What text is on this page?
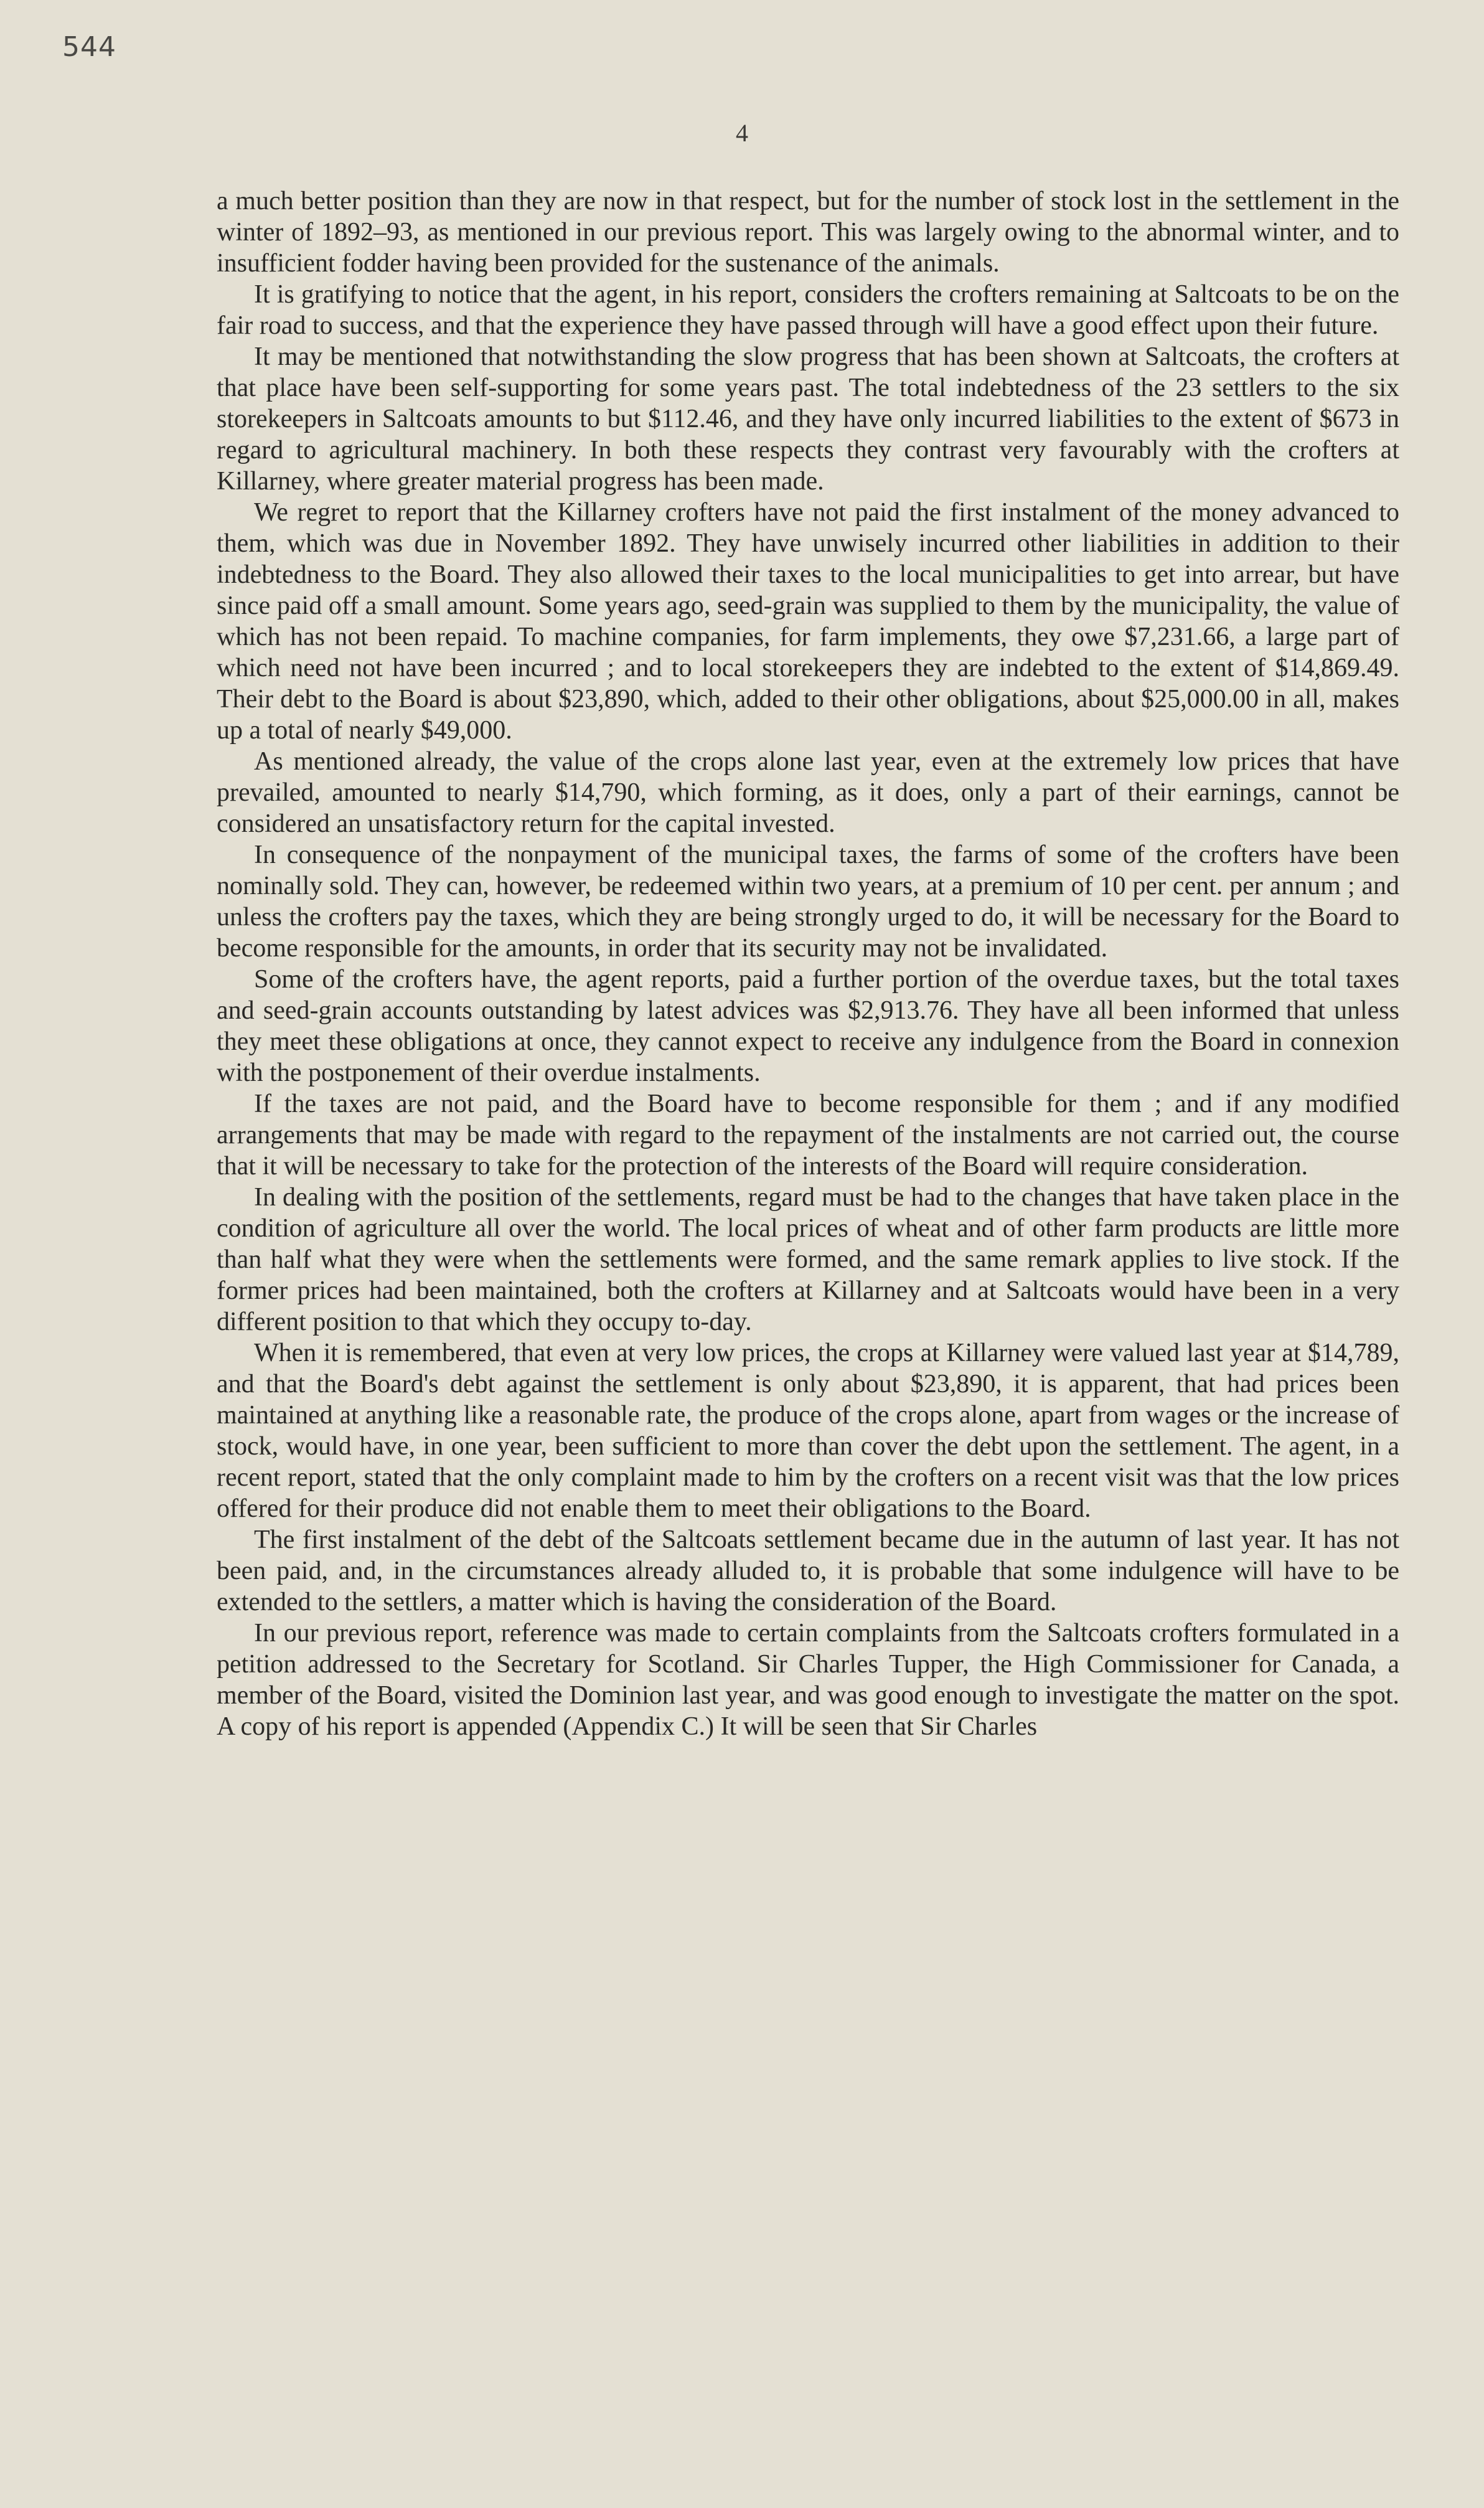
544
4

a much better position than they are now in that respect, but for the number of stock lost in the settlement in the winter of 1892–93, as mentioned in our previous report. This was largely owing to the abnormal winter, and to insufficient fodder having been provided for the sustenance of the animals.

It is gratifying to notice that the agent, in his report, considers the crofters remaining at Saltcoats to be on the fair road to success, and that the experience they have passed through will have a good effect upon their future.

It may be mentioned that notwithstanding the slow progress that has been shown at Saltcoats, the crofters at that place have been self-supporting for some years past. The total indebtedness of the 23 settlers to the six storekeepers in Saltcoats amounts to but $112.46, and they have only incurred liabilities to the extent of $673 in regard to agricultural machinery. In both these respects they contrast very favourably with the crofters at Killarney, where greater material progress has been made.

We regret to report that the Killarney crofters have not paid the first instalment of the money advanced to them, which was due in November 1892. They have unwisely incurred other liabilities in addition to their indebtedness to the Board. They also allowed their taxes to the local municipalities to get into arrear, but have since paid off a small amount. Some years ago, seed-grain was supplied to them by the municipality, the value of which has not been repaid. To machine companies, for farm implements, they owe $7,231.66, a large part of which need not have been incurred ; and to local storekeepers they are indebted to the extent of $14,869.49. Their debt to the Board is about $23,890, which, added to their other obligations, about $25,000.00 in all, makes up a total of nearly $49,000.

As mentioned already, the value of the crops alone last year, even at the extremely low prices that have prevailed, amounted to nearly $14,790, which forming, as it does, only a part of their earnings, cannot be considered an unsatisfactory return for the capital invested.

In consequence of the nonpayment of the municipal taxes, the farms of some of the crofters have been nominally sold. They can, however, be redeemed within two years, at a premium of 10 per cent. per annum ; and unless the crofters pay the taxes, which they are being strongly urged to do, it will be necessary for the Board to become responsible for the amounts, in order that its security may not be invalidated.

Some of the crofters have, the agent reports, paid a further portion of the overdue taxes, but the total taxes and seed-grain accounts outstanding by latest advices was $2,913.76. They have all been informed that unless they meet these obligations at once, they cannot expect to receive any indulgence from the Board in connexion with the postponement of their overdue instalments.

If the taxes are not paid, and the Board have to become responsible for them ; and if any modified arrangements that may be made with regard to the repayment of the instalments are not carried out, the course that it will be necessary to take for the protection of the interests of the Board will require consideration.

In dealing with the position of the settlements, regard must be had to the changes that have taken place in the condition of agriculture all over the world. The local prices of wheat and of other farm products are little more than half what they were when the settlements were formed, and the same remark applies to live stock. If the former prices had been maintained, both the crofters at Killarney and at Saltcoats would have been in a very different position to that which they occupy to-day.

When it is remembered, that even at very low prices, the crops at Killarney were valued last year at $14,789, and that the Board's debt against the settlement is only about $23,890, it is apparent, that had prices been maintained at anything like a reasonable rate, the produce of the crops alone, apart from wages or the increase of stock, would have, in one year, been sufficient to more than cover the debt upon the settlement. The agent, in a recent report, stated that the only complaint made to him by the crofters on a recent visit was that the low prices offered for their produce did not enable them to meet their obligations to the Board.

The first instalment of the debt of the Saltcoats settlement became due in the autumn of last year. It has not been paid, and, in the circumstances already alluded to, it is probable that some indulgence will have to be extended to the settlers, a matter which is having the consideration of the Board.

In our previous report, reference was made to certain complaints from the Saltcoats crofters formulated in a petition addressed to the Secretary for Scotland. Sir Charles Tupper, the High Commissioner for Canada, a member of the Board, visited the Dominion last year, and was good enough to investigate the matter on the spot. A copy of his report is appended (Appendix C.) It will be seen that Sir Charles
